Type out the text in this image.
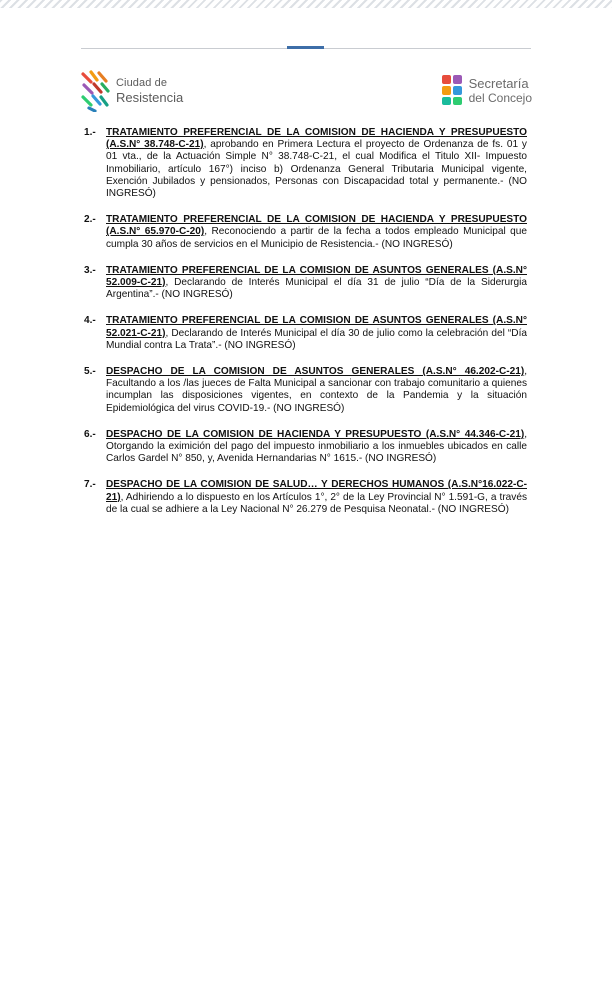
Ciudad de
Resistencia
Secretaría
del Concejo
1.-	TRATAMIENTO PREFERENCIAL DE LA COMISION DE HACIENDA Y PRESUPUESTO (A.S.N° 38.748-C-21), aprobando en Primera Lectura el proyecto de Ordenanza de fs. 01 y 01 vta., de la Actuación Simple N° 38.748-C-21, el cual Modifica el Titulo XII- Impuesto Inmobiliario, artículo 167°) inciso b) Ordenanza General Tributaria Municipal vigente, Exención Jubilados y pensionados, Personas con Discapacidad total y permanente.- (NO INGRESÓ)
2.-	TRATAMIENTO PREFERENCIAL DE LA COMISION DE HACIENDA Y PRESUPUESTO (A.S.N° 65.970-C-20), Reconociendo a partir de la fecha a todos empleado Municipal que cumpla 30 años de servicios en el Municipio de Resistencia.- (NO INGRESÓ)
3.-	TRATAMIENTO PREFERENCIAL DE LA COMISION DE ASUNTOS GENERALES (A.S.N° 52.009-C-21), Declarando de Interés Municipal el día 31 de julio “Día de la Siderurgia Argentina”.- (NO INGRESÓ)
4.-	TRATAMIENTO PREFERENCIAL DE LA COMISION DE ASUNTOS GENERALES (A.S.N° 52.021-C-21), Declarando de Interés Municipal el día 30 de julio como la celebración del “Día Mundial contra La Trata”.- (NO INGRESÓ)
5.-	DESPACHO DE LA COMISION DE ASUNTOS GENERALES (A.S.N° 46.202-C-21), Facultando a los /las jueces de Falta Municipal a sancionar con trabajo comunitario a quienes incumplan las disposiciones vigentes, en contexto de la Pandemia y la situación Epidemiológica del virus COVID-19.- (NO INGRESÓ)
6.-	DESPACHO DE LA COMISION DE HACIENDA Y PRESUPUESTO (A.S.N° 44.346-C-21), Otorgando la eximición del pago del impuesto inmobiliario a los inmuebles ubicados en calle Carlos Gardel N° 850, y, Avenida Hernandarias N° 1615.- (NO INGRESÓ)
7.-	DESPACHO DE LA COMISION DE SALUD… Y DERECHOS HUMANOS (A.S.N°16.022-C-21), Adhiriendo a lo dispuesto en los Artículos 1°, 2° de la Ley Provincial N° 1.591-G, a través de la cual se adhiere a la Ley Nacional N° 26.279 de Pesquisa Neonatal.- (NO INGRESÓ)
